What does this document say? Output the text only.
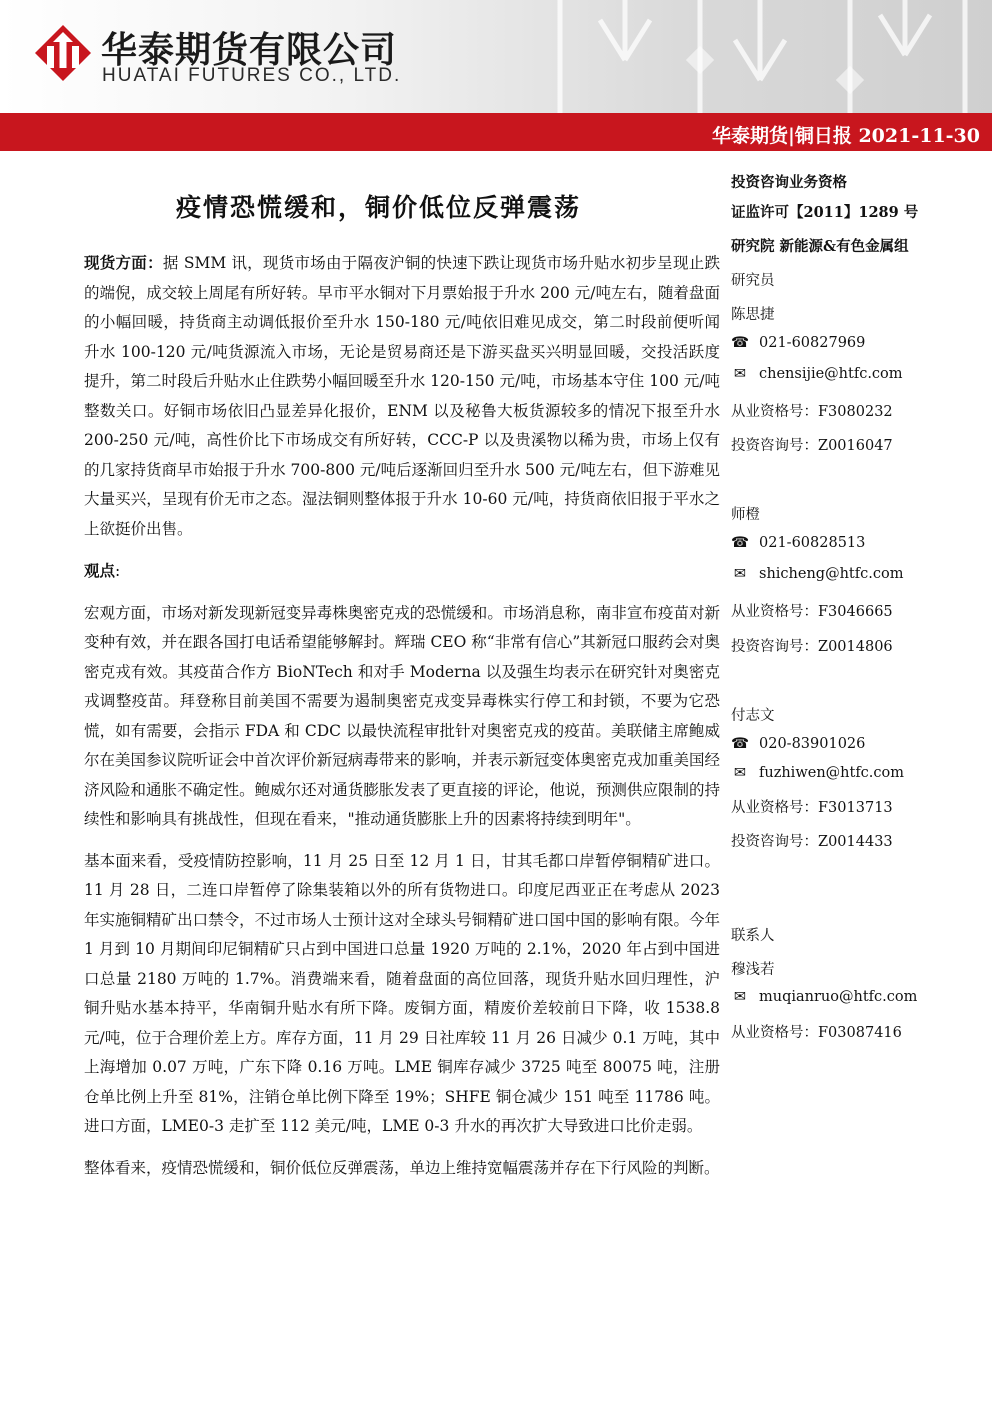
华泰期货有限公司
HUATAI FUTURES CO., LTD.
华泰期货|铜日报 2021-11-30
疫情恐慌缓和，铜价低位反弹震荡

现货方面：据 SMM 讯，现货市场由于隔夜沪铜的快速下跌让现货市场升贴水初步呈现止跌的端倪，成交较上周尾有所好转。早市平水铜对下月票始报于升水 200 元/吨左右，随着盘面的小幅回暖，持货商主动调低报价至升水 150-180 元/吨依旧难见成交，第二时段前便听闻升水 100-120 元/吨货源流入市场，无论是贸易商还是下游买盘买兴明显回暖，交投活跃度提升，第二时段后升贴水止住跌势小幅回暖至升水 120-150 元/吨，市场基本守住 100 元/吨整数关口。好铜市场依旧凸显差异化报价，ENM 以及秘鲁大板货源较多的情况下报至升水 200-250 元/吨，高性价比下市场成交有所好转，CCC-P 以及贵溪物以稀为贵，市场上仅有的几家持货商早市始报于升水 700-800 元/吨后逐渐回归至升水 500 元/吨左右，但下游难见大量买兴，呈现有价无市之态。湿法铜则整体报于升水 10-60 元/吨，持货商依旧报于平水之上欲挺价出售。

观点:

宏观方面，市场对新发现新冠变异毒株奥密克戎的恐慌缓和。市场消息称，南非宣布疫苗对新变种有效，并在跟各国打电话希望能够解封。辉瑞 CEO 称“非常有信心”其新冠口服药会对奥密克戎有效。其疫苗合作方 BioNTech 和对手 Moderna 以及强生均表示在研究针对奥密克戎调整疫苗。拜登称目前美国不需要为遏制奥密克戎变异毒株实行停工和封锁，不要为它恐慌，如有需要，会指示 FDA 和 CDC 以最快流程审批针对奥密克戎的疫苗。美联储主席鲍威尔在美国参议院听证会中首次评价新冠病毒带来的影响，并表示新冠变体奥密克戎加重美国经济风险和通胀不确定性。鲍威尔还对通货膨胀发表了更直接的评论，他说，预测供应限制的持续性和影响具有挑战性，但现在看来，"推动通货膨胀上升的因素将持续到明年"。

基本面来看，受疫情防控影响，11 月 25 日至 12 月 1 日，甘其毛都口岸暂停铜精矿进口。11 月 28 日，二连口岸暂停了除集装箱以外的所有货物进口。印度尼西亚正在考虑从 2023 年实施铜精矿出口禁令，不过市场人士预计这对全球头号铜精矿进口国中国的影响有限。今年 1 月到 10 月期间印尼铜精矿只占到中国进口总量 1920 万吨的 2.1%，2020 年占到中国进口总量 2180 万吨的 1.7%。消费端来看，随着盘面的高位回落，现货升贴水回归理性，沪铜升贴水基本持平，华南铜升贴水有所下降。废铜方面，精废价差较前日下降，收 1538.8 元/吨，位于合理价差上方。库存方面，11 月 29 日社库较 11 月 26 日减少 0.1 万吨，其中上海增加 0.07 万吨，广东下降 0.16 万吨。LME 铜库存减少 3725 吨至 80075 吨，注册仓单比例上升至 81%，注销仓单比例下降至 19%；SHFE 铜仓减少 151 吨至 11786 吨。进口方面，LME0-3 走扩至 112 美元/吨，LME 0-3 升水的再次扩大导致进口比价走弱。

整体看来，疫情恐慌缓和，铜价低位反弹震荡，单边上维持宽幅震荡并存在下行风险的判断。

投资咨询业务资格
证监许可【2011】1289 号
研究院 新能源&有色金属组
研究员
陈思捷
☎ 021-60827969
✉ chensijie@htfc.com
从业资格号：F3080232
投资咨询号：Z0016047
师橙
☎ 021-60828513
✉ shicheng@htfc.com
从业资格号：F3046665
投资咨询号：Z0014806
付志文
☎ 020-83901026
✉ fuzhiwen@htfc.com
从业资格号：F3013713
投资咨询号：Z0014433
联系人
穆浅若
✉ muqianruo@htfc.com
从业资格号：F03087416
